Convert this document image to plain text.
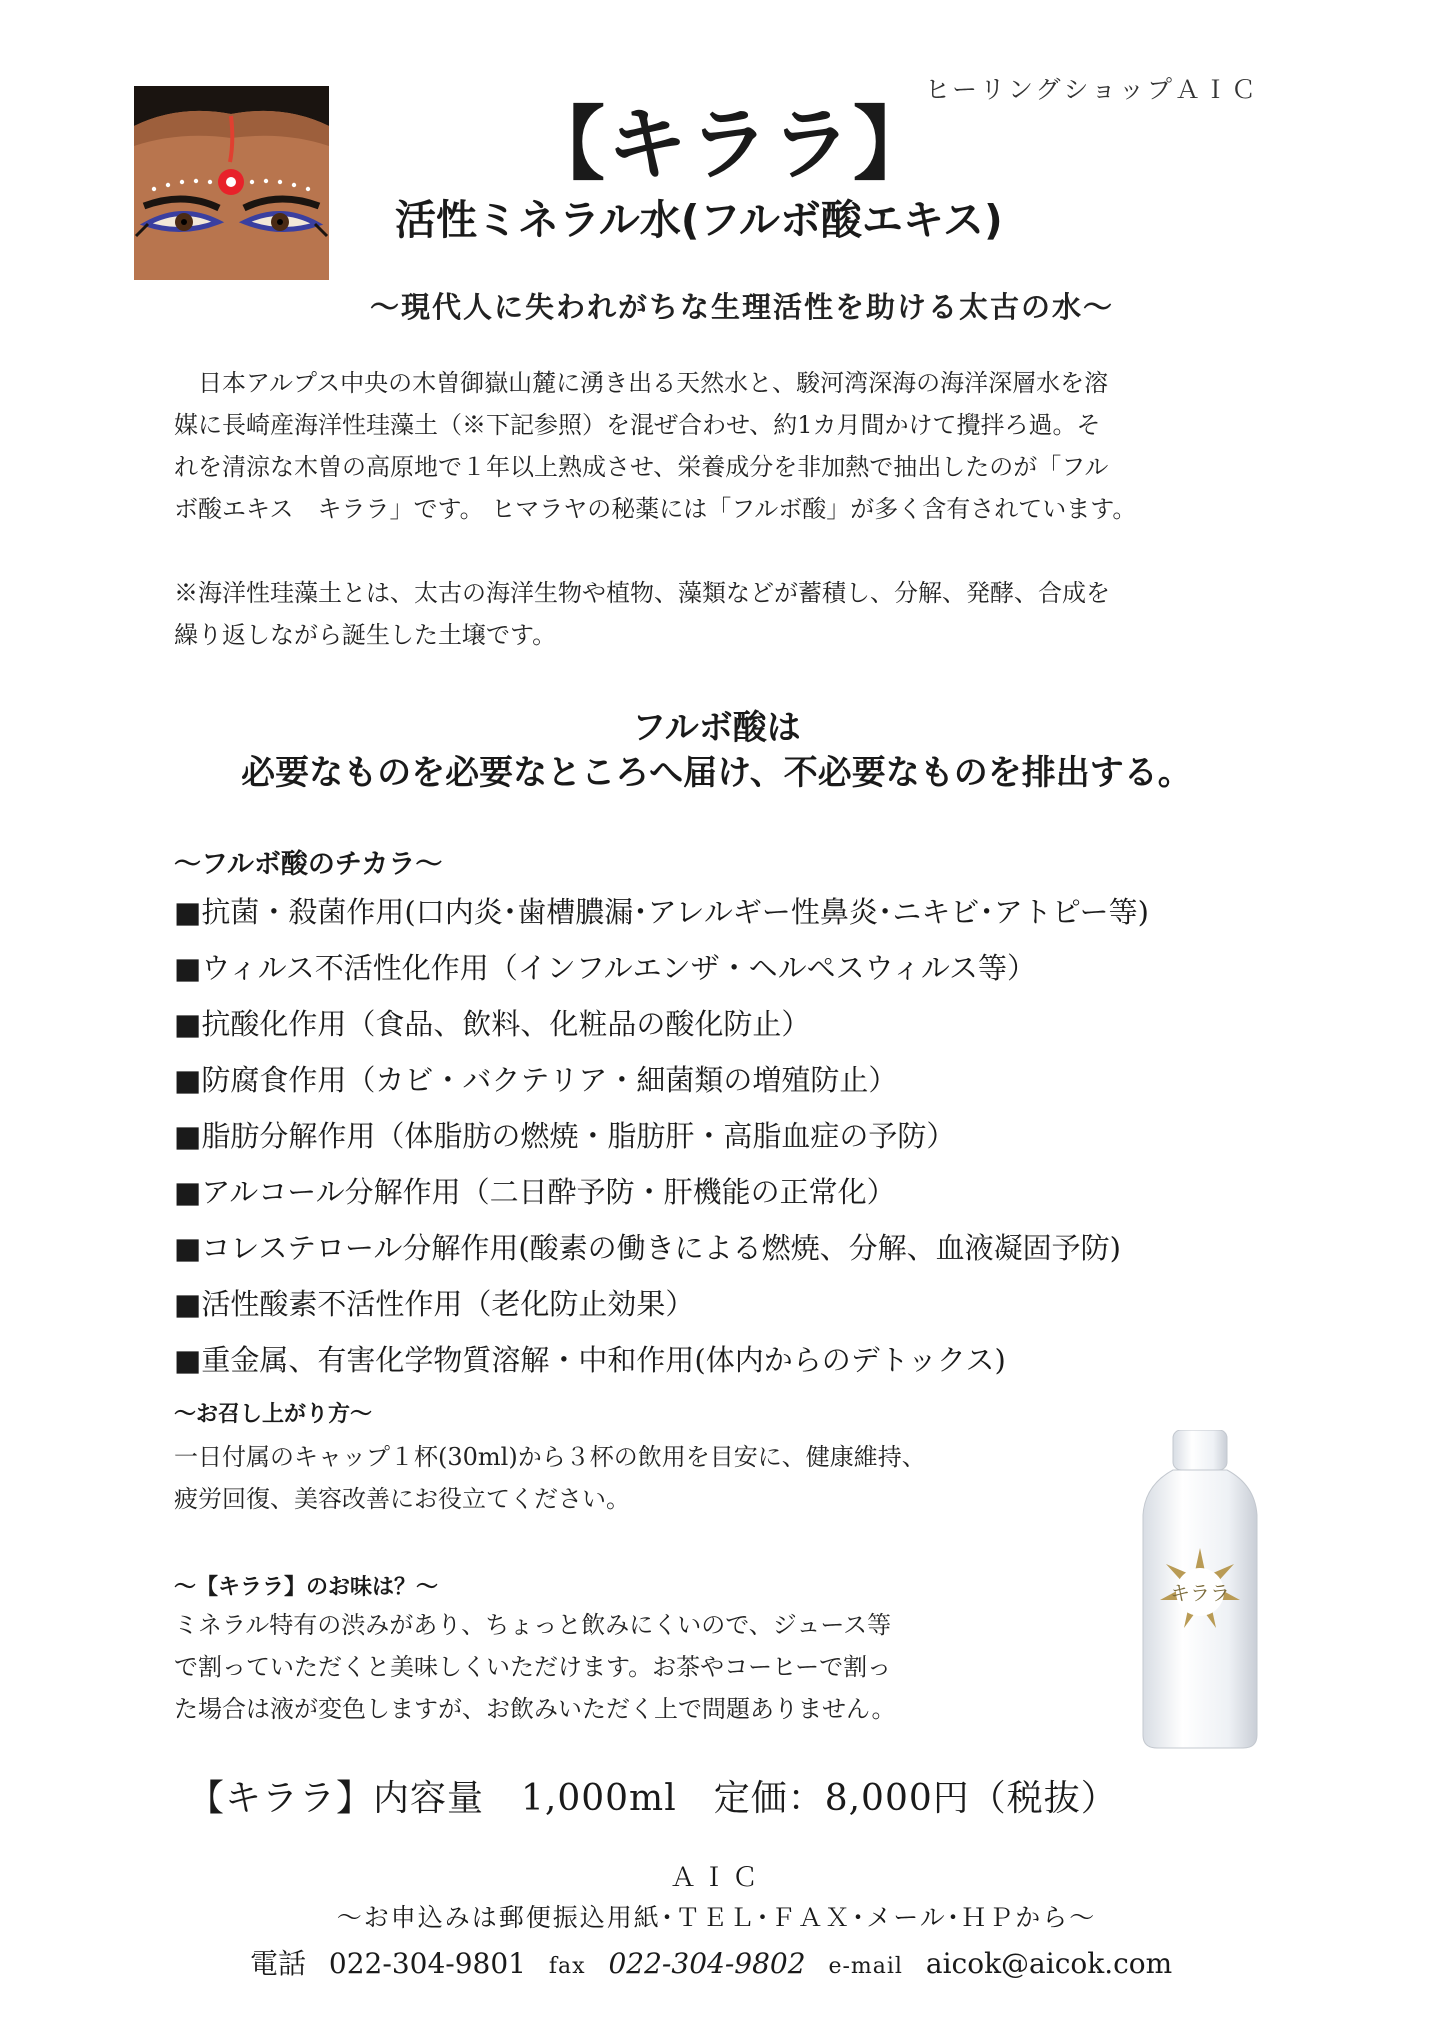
ヒーリングショップＡＩＣ
【キララ】
活性ミネラル水(フルボ酸エキス)
～現代人に失われがちな生理活性を助ける太古の水～

　日本アルプス中央の木曽御嶽山麓に湧き出る天然水と、駿河湾深海の海洋深層水を溶

媒に長崎産海洋性珪藻土（※下記参照）を混ぜ合わせ、約1カ月間かけて攪拌ろ過。そ

れを清涼な木曽の高原地で１年以上熟成させ、栄養成分を非加熱で抽出したのが「フル

ボ酸エキス　キララ」です。 ヒマラヤの秘薬には「フルボ酸」が多く含有されています。

※海洋性珪藻土とは、太古の海洋生物や植物、藻類などが蓄積し、分解、発酵、合成を

繰り返しながら誕生した土壌です。

フルボ酸は
必要なものを必要なところへ届け、不必要なものを排出する。
～フルボ酸のチカラ～
■抗菌・殺菌作用(口内炎･歯槽膿漏･アレルギー性鼻炎･ニキビ･アトピー等)
■ウィルス不活性化作用（インフルエンザ・ヘルペスウィルス等）
■抗酸化作用（食品、飲料、化粧品の酸化防止）
■防腐食作用（カビ・バクテリア・細菌類の増殖防止）
■脂肪分解作用（体脂肪の燃焼・脂肪肝・高脂血症の予防）
■アルコール分解作用（二日酔予防・肝機能の正常化）
■コレステロール分解作用(酸素の働きによる燃焼、分解、血液凝固予防)
■活性酸素不活性作用（老化防止効果）
■重金属、有害化学物質溶解・中和作用(体内からのデトックス)
～お召し上がり方～

一日付属のキャップ１杯(30ml)から３杯の飲用を目安に、健康維持、

疲労回復、美容改善にお役立てください。

～【キララ】のお味は？～

ミネラル特有の渋みがあり、ちょっと飲みにくいので、ジュース等

で割っていただくと美味しくいただけます。お茶やコーヒーで割っ

た場合は液が変色しますが、お飲みいただく上で問題ありません。

キララ
【キララ】内容量　1,000ml　定価：8,000円（税抜）
ＡＩＣ
～お申込みは郵便振込用紙･ＴＥＬ･ＦＡＸ･メール･ＨＰから～
電話 022-304-9801 fax 022-304-9802 e-mail aicok@aicok.com
